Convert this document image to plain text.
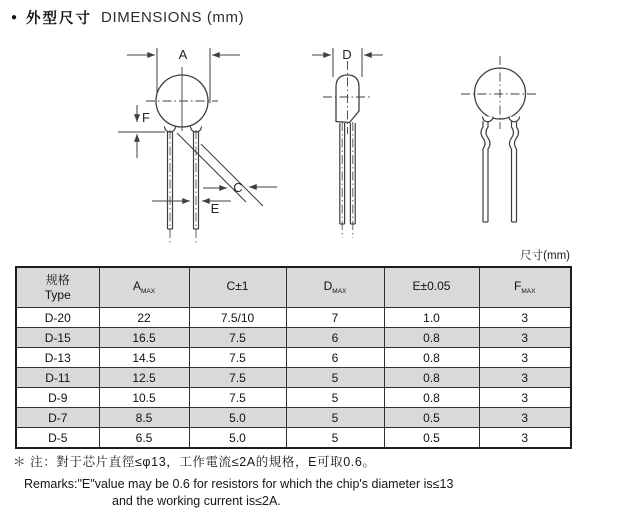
● 外型尺寸 DIMENSIONS (mm)
A
F
C
E
D
尺寸(mm)
规格
Type	$A_{MAX}$	C±1	$D_{MAX}$	E±0.05	$F_{MAX}$
D-20	22	7.5/10	7	1.0	3
D-15	16.5	7.5	6	0.8	3
D-13	14.5	7.5	6	0.8	3
D-11	12.5	7.5	5	0.8	3
D-9	10.5	7.5	5	0.8	3
D-7	8.5	5.0	5	0.5	3
D-5	6.5	5.0	5	0.5	3
＊ 注：對于芯片直徑≤φ13，工作電流≤2A的規格，E可取0.6。
Remarks:"E"value may be 0.6 for resistors for which the chip's diameter is≤13
and the working current is≤2A.
